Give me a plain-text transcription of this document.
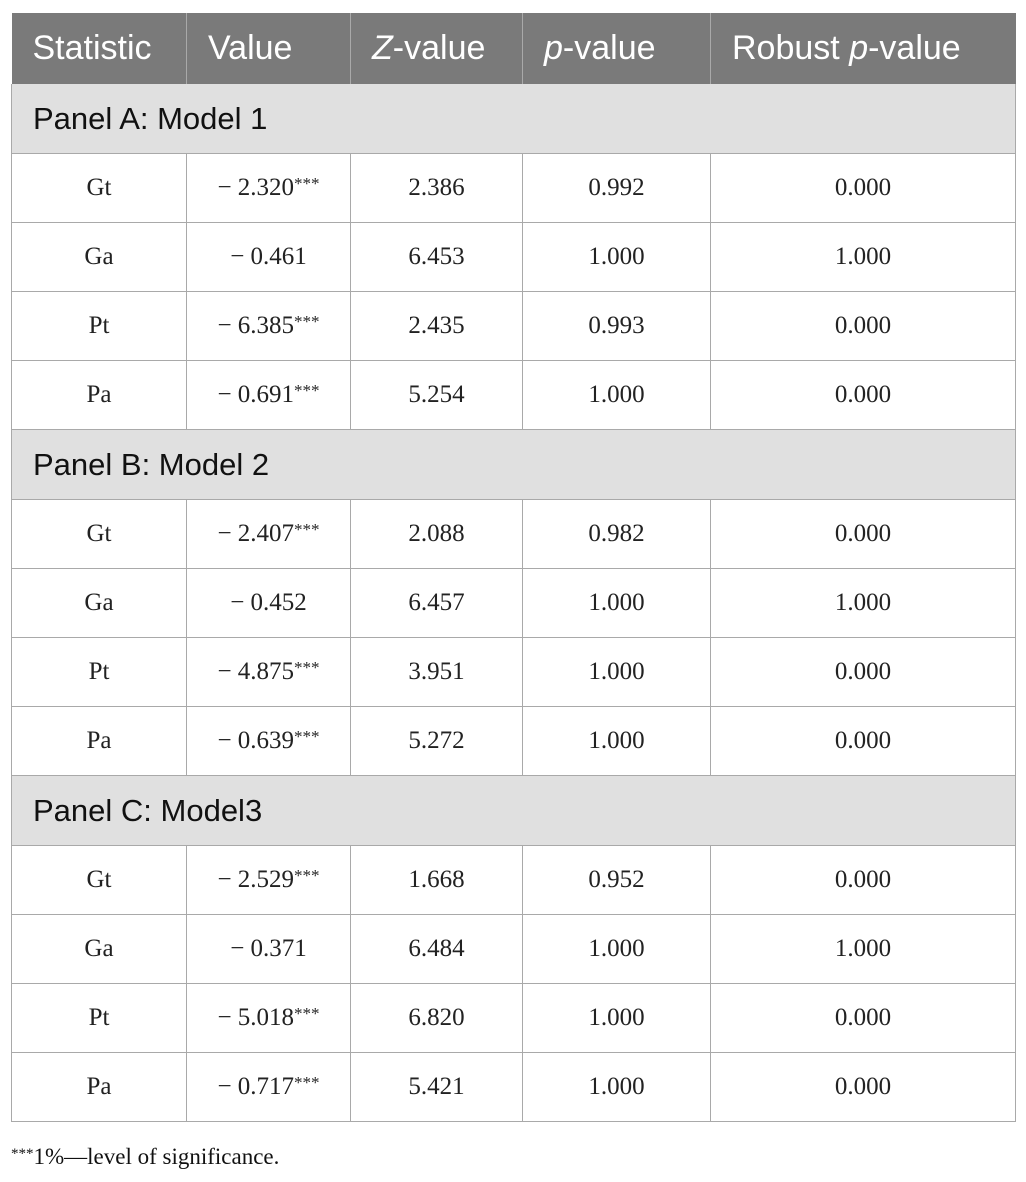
Statistic	Value	Z-value	p-value	Robust p-value
Panel A: Model 1				
Gt	− 2.320***	2.386	0.992	0.000
Ga	− 0.461	6.453	1.000	1.000
Pt	− 6.385***	2.435	0.993	0.000
Pa	− 0.691***	5.254	1.000	0.000
Panel B: Model 2				
Gt	− 2.407***	2.088	0.982	0.000
Ga	− 0.452	6.457	1.000	1.000
Pt	− 4.875***	3.951	1.000	0.000
Pa	− 0.639***	5.272	1.000	0.000
Panel C: Model3				
Gt	− 2.529***	1.668	0.952	0.000
Ga	− 0.371	6.484	1.000	1.000
Pt	− 5.018***	6.820	1.000	0.000
Pa	− 0.717***	5.421	1.000	0.000
***1%—level of significance.
